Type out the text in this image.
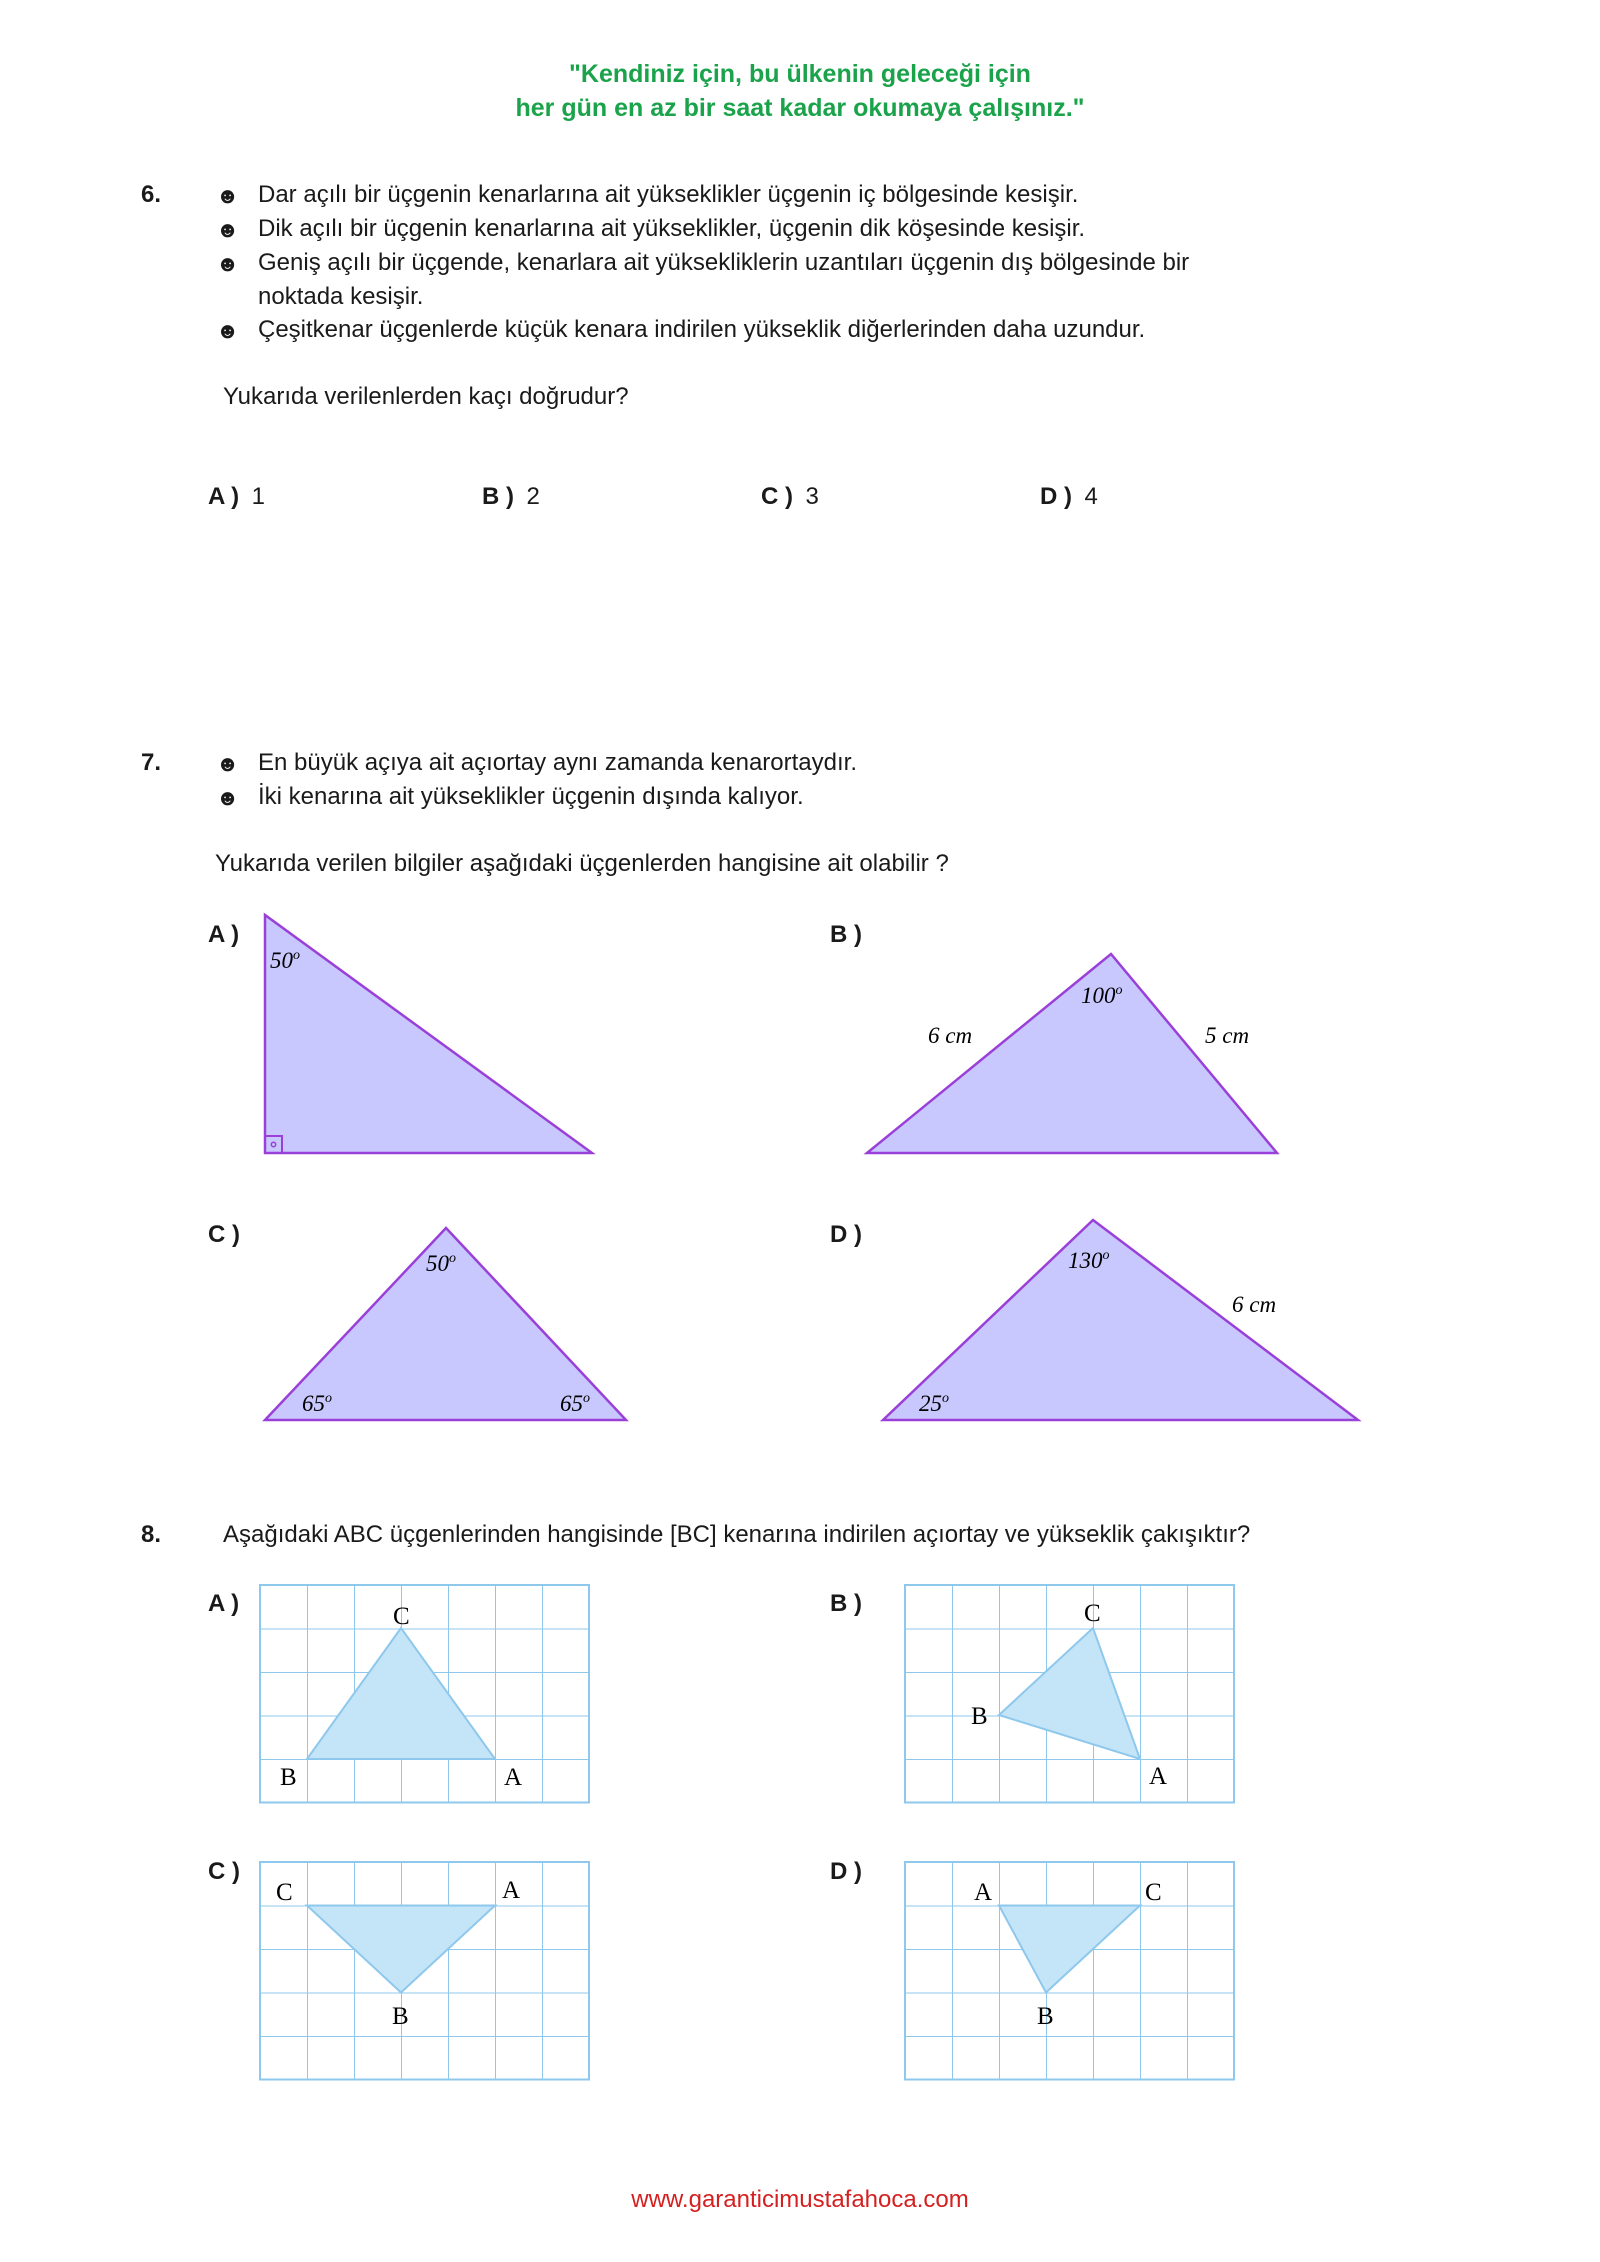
"Kendiniz için, bu ülkenin geleceği için
her gün en az bir saat kadar okumaya çalışınız."
6. ☻ Dar açılı bir üçgenin kenarlarına ait yükseklikler üçgenin iç bölgesinde kesişir.
☻ Dik açılı bir üçgenin kenarlarına ait yükseklikler, üçgenin dik köşesinde kesişir.
☻ Geniş açılı bir üçgende, kenarlara ait yüksekliklerin uzantıları üçgenin dış bölgesinde bir
noktada kesişir.
☻ Çeşitkenar üçgenlerde küçük kenara indirilen yükseklik diğerlerinden daha uzundur.
Yukarıda verilenlerden kaçı doğrudur?
A ) 1	B ) 2	C ) 3	D ) 4
7. ☻ En büyük açıya ait açıortay aynı zamanda kenarortaydır.
☻ İki kenarına ait yükseklikler üçgenin dışında kalıyor.
Yukarıda verilen bilgiler aşağıdaki üçgenlerden hangisine ait olabilir ?
A )	B )
C )	D )
50$^o$
6 cm
100$^o$
5 cm
50$^o$
65$^o$	65$^o$
130$^o$
6 cm
25$^o$
8.	Aşağıdaki ABC üçgenlerinden hangisinde [BC] kenarına indirilen açıortay ve yükseklik çakışıktır?
A )	B )
C )	D )
C
B	A
C
B
A
C	A
B
A	C
B
www.garanticimustafahoca.com
